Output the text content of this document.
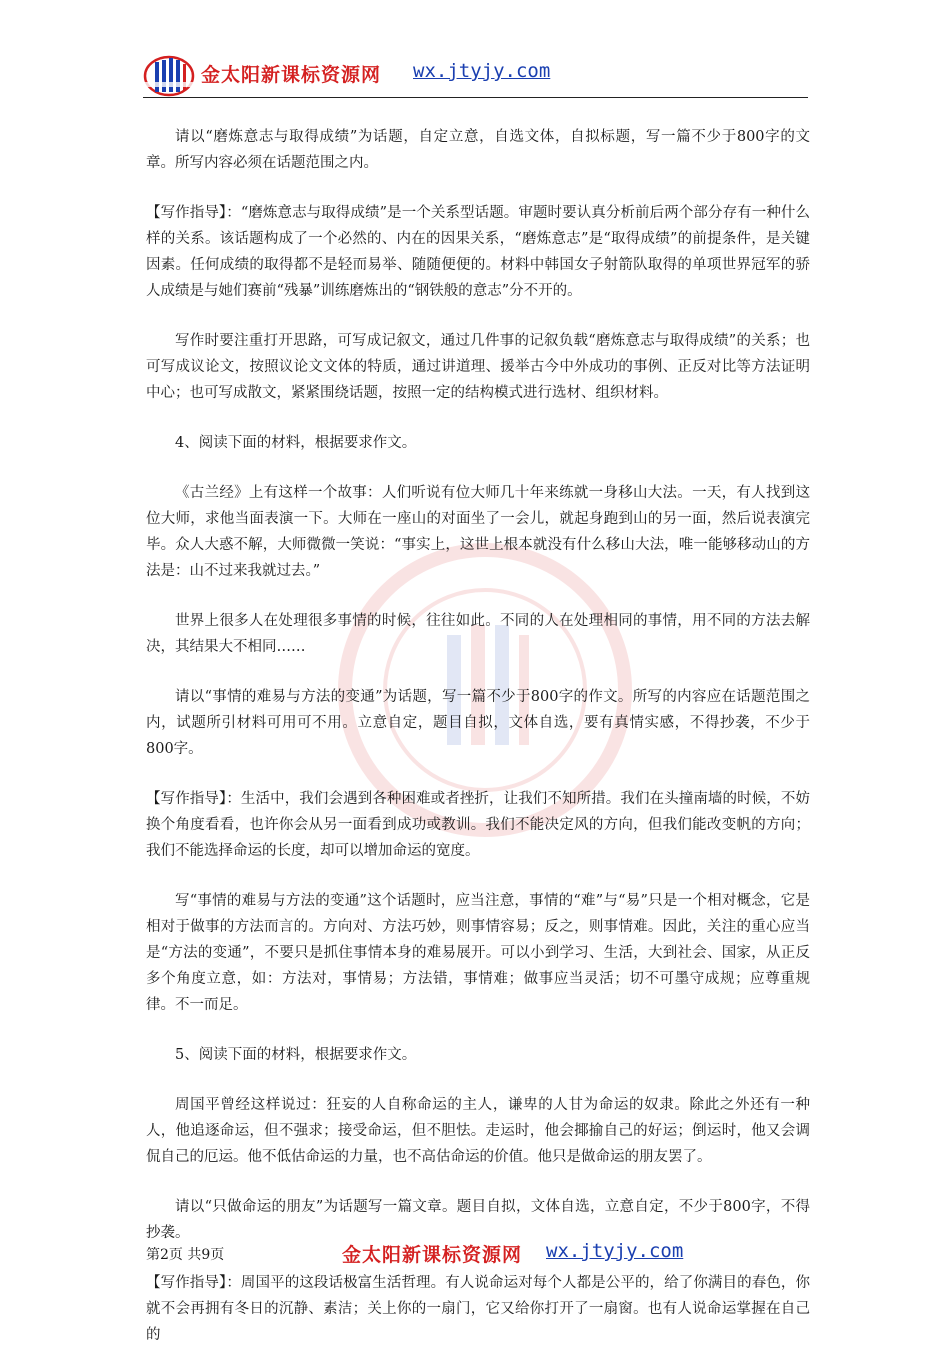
金太阳新课标资源网 wx.jtyjy.com

请以“磨炼意志与取得成绩”为话题，自定立意，自选文体，自拟标题，写一篇不少于800字的文章。所写内容必须在话题范围之内。

【写作指导】：“磨炼意志与取得成绩”是一个关系型话题。审题时要认真分析前后两个部分存有一种什么样的关系。该话题构成了一个必然的、内在的因果关系，“磨炼意志”是“取得成绩”的前提条件，是关键因素。任何成绩的取得都不是轻而易举、随随便便的。材料中韩国女子射箭队取得的单项世界冠军的骄人成绩是与她们赛前“残暴”训练磨炼出的“钢铁般的意志”分不开的。

写作时要注重打开思路，可写成记叙文，通过几件事的记叙负载“磨炼意志与取得成绩”的关系；也可写成议论文，按照议论文文体的特质，通过讲道理、援举古今中外成功的事例、正反对比等方法证明中心；也可写成散文，紧紧围绕话题，按照一定的结构模式进行选材、组织材料。

4、阅读下面的材料，根据要求作文。

《古兰经》上有这样一个故事：人们听说有位大师几十年来练就一身移山大法。一天，有人找到这位大师，求他当面表演一下。大师在一座山的对面坐了一会儿，就起身跑到山的另一面，然后说表演完毕。众人大惑不解，大师微微一笑说：“事实上，这世上根本就没有什么移山大法，唯一能够移动山的方法是：山不过来我就过去。”

世界上很多人在处理很多事情的时候，往往如此。不同的人在处理相同的事情，用不同的方法去解决，其结果大不相同……

请以“事情的难易与方法的变通”为话题，写一篇不少于800字的作文。所写的内容应在话题范围之内，试题所引材料可用可不用。立意自定，题目自拟，文体自选，要有真情实感，不得抄袭，不少于800字。

【写作指导】：生活中，我们会遇到各种困难或者挫折，让我们不知所措。我们在头撞南墙的时候，不妨换个角度看看，也许你会从另一面看到成功或教训。我们不能决定风的方向，但我们能改变帆的方向；我们不能选择命运的长度，却可以增加命运的宽度。

写“事情的难易与方法的变通”这个话题时，应当注意，事情的“难”与“易”只是一个相对概念，它是相对于做事的方法而言的。方向对、方法巧妙，则事情容易；反之，则事情难。因此，关注的重心应当是“方法的变通”，不要只是抓住事情本身的难易展开。可以小到学习、生活，大到社会、国家，从正反多个角度立意，如：方法对，事情易；方法错，事情难；做事应当灵活；切不可墨守成规；应尊重规律。不一而足。

5、阅读下面的材料，根据要求作文。

周国平曾经这样说过：狂妄的人自称命运的主人，谦卑的人甘为命运的奴隶。除此之外还有一种人，他追逐命运，但不强求；接受命运，但不胆怯。走运时，他会揶揄自己的好运；倒运时，他又会调侃自己的厄运。他不低估命运的力量，也不高估命运的价值。他只是做命运的朋友罢了。

请以“只做命运的朋友”为话题写一篇文章。题目自拟，文体自选，立意自定，不少于800字，不得抄袭。

【写作指导】：周国平的这段话极富生活哲理。有人说命运对每个人都是公平的，给了你满目的春色，你就不会再拥有冬日的沉静、素洁；关上你的一扇门，它又给你打开了一扇窗。也有人说命运掌握在自己的

第2页 共9页	金太阳新课标资源网 wx.jtyjy.com
